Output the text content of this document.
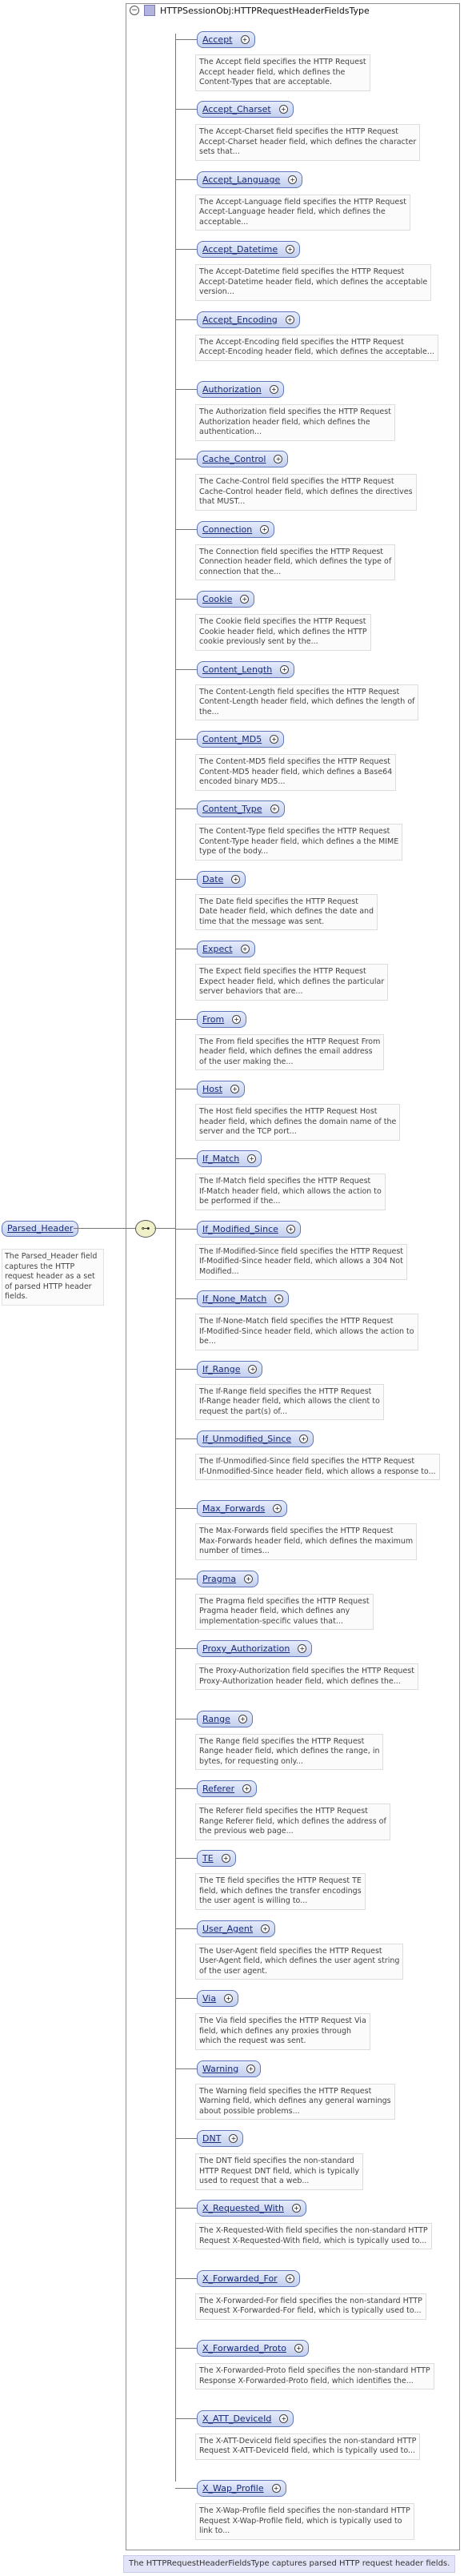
−	HTTPSessionObj:HTTPRequestHeaderFieldsType
Parsed_Header	⊶
The Parsed_Header field
captures the HTTP
request header as a set
of parsed HTTP header
fields.
Accept +
The Accept field specifies the HTTP Request
Accept header field, which defines the
Content-Types that are acceptable.
Accept_Charset +
The Accept-Charset field specifies the HTTP Request
Accept-Charset header field, which defines the character
sets that...
Accept_Language +
The Accept-Language field specifies the HTTP Request
Accept-Language header field, which defines the
acceptable...
Accept_Datetime +
The Accept-Datetime field specifies the HTTP Request
Accept-Datetime header field, which defines the acceptable
version...
Accept_Encoding +
The Accept-Encoding field specifies the HTTP Request
Accept-Encoding header field, which defines the acceptable...
Authorization +
The Authorization field specifies the HTTP Request
Authorization header field, which defines the
authentication...
Cache_Control +
The Cache-Control field specifies the HTTP Request
Cache-Control header field, which defines the directives
that MUST...
Connection +
The Connection field specifies the HTTP Request
Connection header field, which defines the type of
connection that the...
Cookie +
The Cookie field specifies the HTTP Request
Cookie header field, which defines the HTTP
cookie previously sent by the...
Content_Length +
The Content-Length field specifies the HTTP Request
Content-Length header field, which defines the length of
the...
Content_MD5 +
The Content-MD5 field specifies the HTTP Request
Content-MD5 header field, which defines a Base64
encoded binary MD5...
Content_Type +
The Content-Type field specifies the HTTP Request
Content-Type header field, which defines a the MIME
type of the body...
Date +
The Date field specifies the HTTP Request
Date header field, which defines the date and
time that the message was sent.
Expect +
The Expect field specifies the HTTP Request
Expect header field, which defines the particular
server behaviors that are...
From +
The From field specifies the HTTP Request From
header field, which defines the email address
of the user making the...
Host +
The Host field specifies the HTTP Request Host
header field, which defines the domain name of the
server and the TCP port...
If_Match +
The If-Match field specifies the HTTP Request
If-Match header field, which allows the action to
be performed if the...
If_Modified_Since +
The If-Modified-Since field specifies the HTTP Request
If-Modified-Since header field, which allows a 304 Not
Modified...
If_None_Match +
The If-None-Match field specifies the HTTP Request
If-Modified-Since header field, which allows the action to
be...
If_Range +
The If-Range field specifies the HTTP Request
If-Range header field, which allows the client to
request the part(s) of...
If_Unmodified_Since +
The If-Unmodified-Since field specifies the HTTP Request
If-Unmodified-Since header field, which allows a response to...
Max_Forwards +
The Max-Forwards field specifies the HTTP Request
Max-Forwards header field, which defines the maximum
number of times...
Pragma +
The Pragma field specifies the HTTP Request
Pragma header field, which defines any
implementation-specific values that...
Proxy_Authorization +
The Proxy-Authorization field specifies the HTTP Request
Proxy-Authorization header field, which defines the...
Range +
The Range field specifies the HTTP Request
Range header field, which defines the range, in
bytes, for requesting only...
Referer +
The Referer field specifies the HTTP Request
Range Referer field, which defines the address of
the previous web page...
TE +
The TE field specifies the HTTP Request TE
field, which defines the transfer encodings
the user agent is willing to...
User_Agent +
The User-Agent field specifies the HTTP Request
User-Agent field, which defines the user agent string
of the user agent.
Via +
The Via field specifies the HTTP Request Via
field, which defines any proxies through
which the request was sent.
Warning +
The Warning field specifies the HTTP Request
Warning field, which defines any general warnings
about possible problems...
DNT +
The DNT field specifies the non-standard
HTTP Request DNT field, which is typically
used to request that a web...
X_Requested_With +
The X-Requested-With field specifies the non-standard HTTP
Request X-Requested-With field, which is typically used to...
X_Forwarded_For +
The X-Forwarded-For field specifies the non-standard HTTP
Request X-Forwarded-For field, which is typically used to...
X_Forwarded_Proto +
The X-Forwarded-Proto field specifies the non-standard HTTP
Response X-Forwarded-Proto field, which identifies the...
X_ATT_DeviceId +
The X-ATT-DeviceId field specifies the non-standard HTTP
Request X-ATT-DeviceId field, which is typically used to...
X_Wap_Profile +
The X-Wap-Profile field specifies the non-standard HTTP
Request X-Wap-Profile field, which is typically used to
link to...
The HTTPRequestHeaderFieldsType captures parsed HTTP request header fields.
